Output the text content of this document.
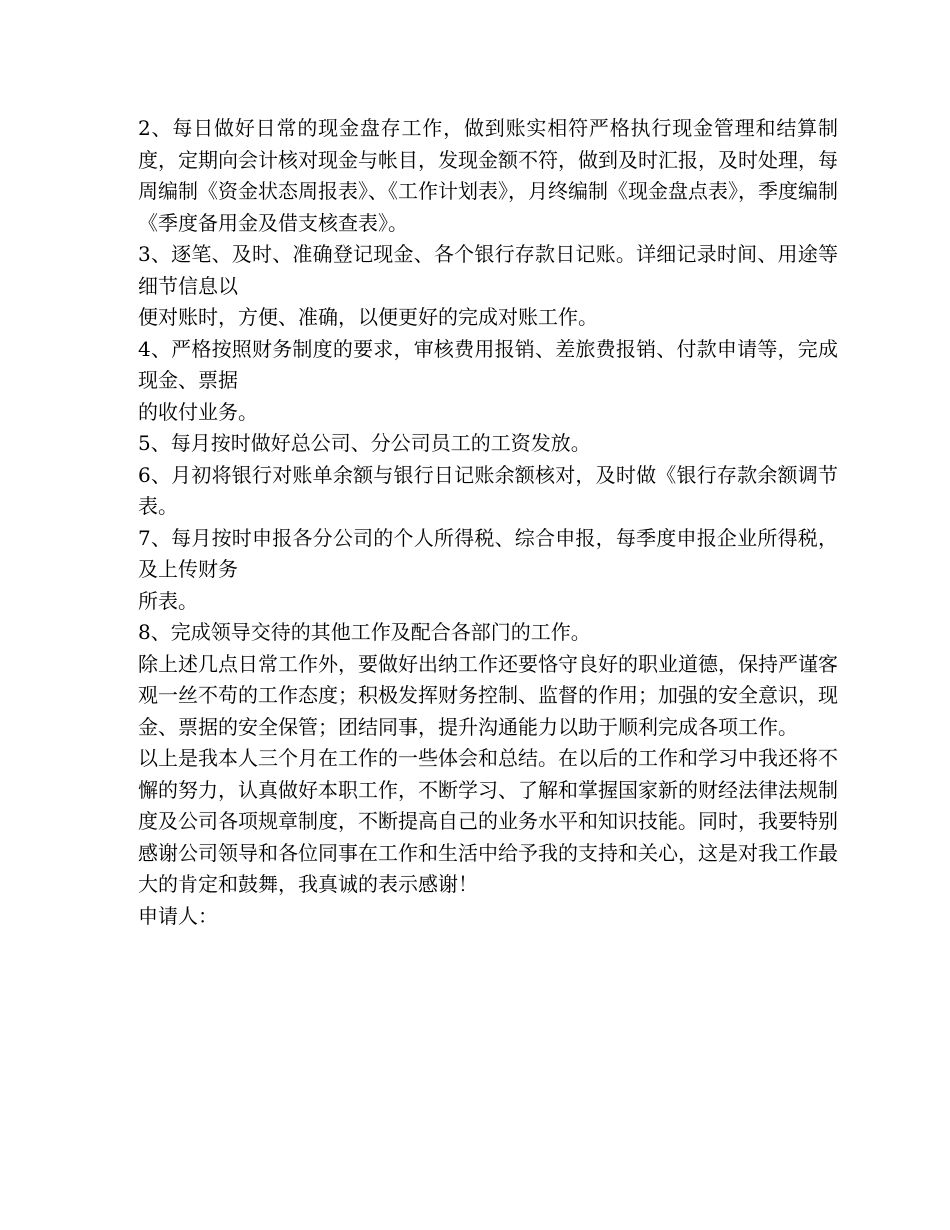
2、每日做好日常的现金盘存工作，做到账实相符严格执行现金管理和结算制度，定期向会计核对现金与帐目，发现金额不符，做到及时汇报，及时处理，每周编制《资金状态周报表》、《工作计划表》，月终编制《现金盘点表》，季度编制《季度备用金及借支核查表》。

3、逐笔、及时、准确登记现金、各个银行存款日记账。详细记录时间、用途等细节信息以

便对账时，方便、准确，以便更好的完成对账工作。

4、严格按照财务制度的要求，审核费用报销、差旅费报销、付款申请等，完成现金、票据

的收付业务。

5、每月按时做好总公司、分公司员工的工资发放。

6、月初将银行对账单余额与银行日记账余额核对，及时做《银行存款余额调节表。

7、每月按时申报各分公司的个人所得税、综合申报，每季度申报企业所得税，及上传财务

所表。

8、完成领导交待的其他工作及配合各部门的工作。

除上述几点日常工作外，要做好出纳工作还要恪守良好的职业道德，保持严谨客观一丝不苟的工作态度；积极发挥财务控制、监督的作用；加强的安全意识，现金、票据的安全保管；团结同事，提升沟通能力以助于顺利完成各项工作。

以上是我本人三个月在工作的一些体会和总结。在以后的工作和学习中我还将不懈的努力，认真做好本职工作，不断学习、了解和掌握国家新的财经法律法规制度及公司各项规章制度，不断提高自己的业务水平和知识技能。同时，我要特别感谢公司领导和各位同事在工作和生活中给予我的支持和关心，这是对我工作最大的肯定和鼓舞，我真诚的表示感谢！

申请人：
